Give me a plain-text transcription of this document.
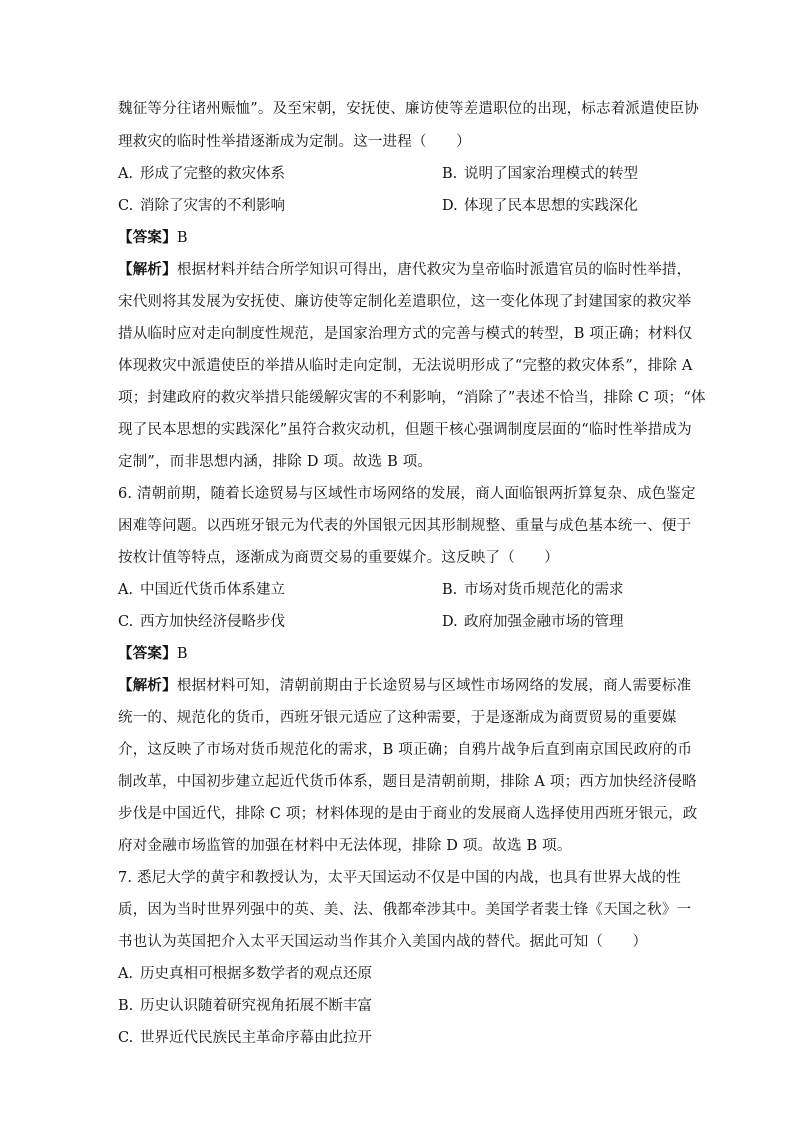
魏征等分往诸州赈恤”。及至宋朝，安抚使、廉访使等差遣职位的出现，标志着派遣使臣协
理救灾的临时性举措逐渐成为定制。这一进程（　　）
A. 形成了完整的救灾体系	B. 说明了国家治理模式的转型
C. 消除了灾害的不利影响	D. 体现了民本思想的实践深化
【答案】B
【解析】根据材料并结合所学知识可得出，唐代救灾为皇帝临时派遣官员的临时性举措，
宋代则将其发展为安抚使、廉访使等定制化差遣职位，这一变化体现了封建国家的救灾举
措从临时应对走向制度性规范，是国家治理方式的完善与模式的转型，B 项正确；材料仅
体现救灾中派遣使臣的举措从临时走向定制，无法说明形成了“完整的救灾体系”，排除 A
项；封建政府的救灾举措只能缓解灾害的不利影响，“消除了”表述不恰当，排除 C 项；“体
现了民本思想的实践深化”虽符合救灾动机，但题干核心强调制度层面的“临时性举措成为
定制”，而非思想内涵，排除 D 项。故选 B 项。
6. 清朝前期，随着长途贸易与区域性市场网络的发展，商人面临银两折算复杂、成色鉴定
困难等问题。以西班牙银元为代表的外国银元因其形制规整、重量与成色基本统一、便于
按枚计值等特点，逐渐成为商贾交易的重要媒介。这反映了（　　）
A. 中国近代货币体系建立	B. 市场对货币规范化的需求
C. 西方加快经济侵略步伐	D. 政府加强金融市场的管理
【答案】B
【解析】根据材料可知，清朝前期由于长途贸易与区域性市场网络的发展，商人需要标准
统一的、规范化的货币，西班牙银元适应了这种需要，于是逐渐成为商贾贸易的重要媒
介，这反映了市场对货币规范化的需求，B 项正确；自鸦片战争后直到南京国民政府的币
制改革，中国初步建立起近代货币体系，题目是清朝前期，排除 A 项；西方加快经济侵略
步伐是中国近代，排除 C 项；材料体现的是由于商业的发展商人选择使用西班牙银元，政
府对金融市场监管的加强在材料中无法体现，排除 D 项。故选 B 项。
7. 悉尼大学的黄宇和教授认为，太平天国运动不仅是中国的内战，也具有世界大战的性
质，因为当时世界列强中的英、美、法、俄都牵涉其中。美国学者裴士锋《天国之秋》一
书也认为英国把介入太平天国运动当作其介入美国内战的替代。据此可知（　　）
A. 历史真相可根据多数学者的观点还原
B. 历史认识随着研究视角拓展不断丰富
C. 世界近代民族民主革命序幕由此拉开
